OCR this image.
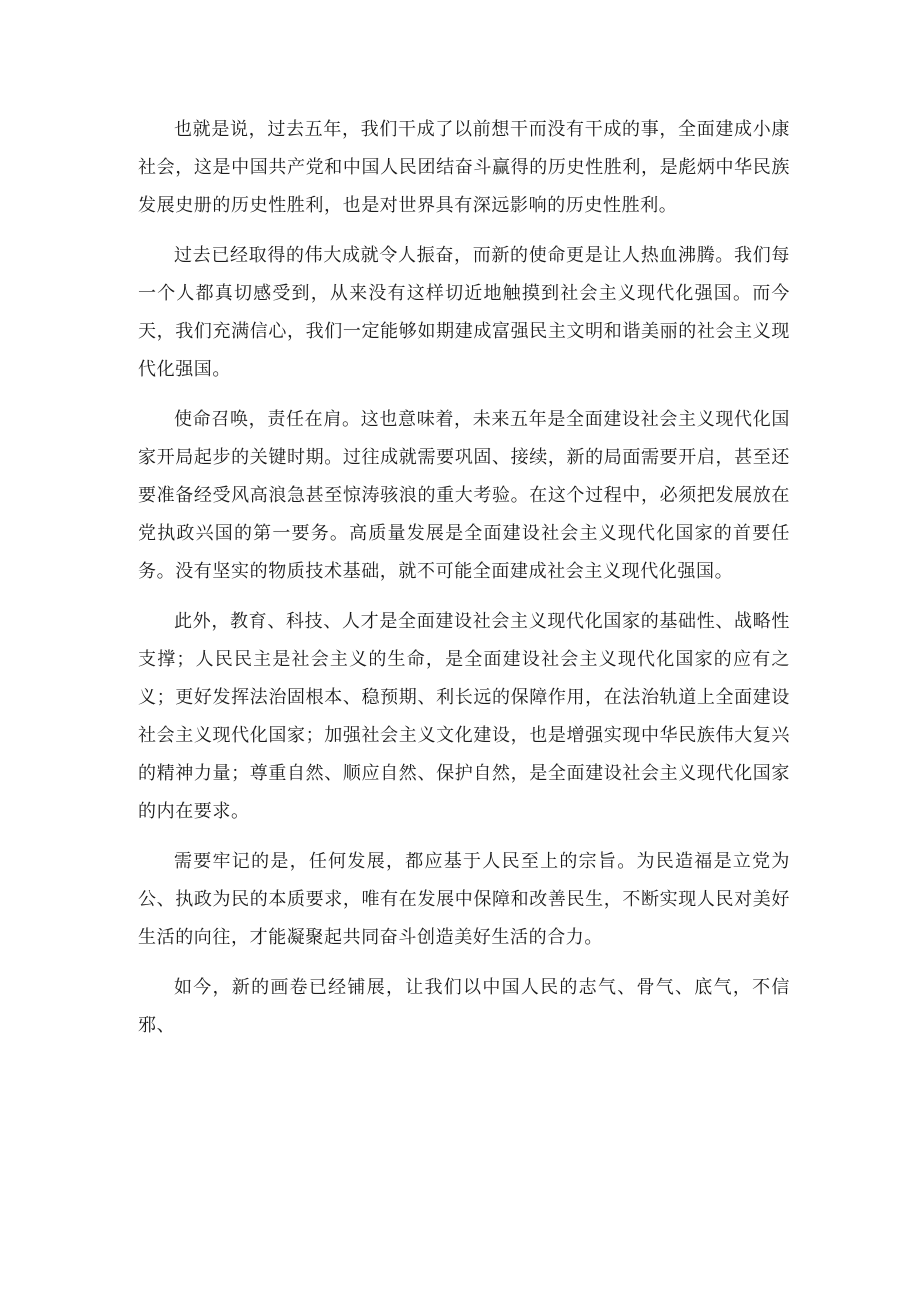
也就是说，过去五年，我们干成了以前想干而没有干成的事，全面建成小康社会，这是中国共产党和中国人民团结奋斗赢得的历史性胜利，是彪炳中华民族发展史册的历史性胜利，也是对世界具有深远影响的历史性胜利。

过去已经取得的伟大成就令人振奋，而新的使命更是让人热血沸腾。我们每一个人都真切感受到，从来没有这样切近地触摸到社会主义现代化强国。而今天，我们充满信心，我们一定能够如期建成富强民主文明和谐美丽的社会主义现代化强国。

使命召唤，责任在肩。这也意味着，未来五年是全面建设社会主义现代化国家开局起步的关键时期。过往成就需要巩固、接续，新的局面需要开启，甚至还要准备经受风高浪急甚至惊涛骇浪的重大考验。在这个过程中，必须把发展放在党执政兴国的第一要务。高质量发展是全面建设社会主义现代化国家的首要任务。没有坚实的物质技术基础，就不可能全面建成社会主义现代化强国。

此外，教育、科技、人才是全面建设社会主义现代化国家的基础性、战略性支撑；人民民主是社会主义的生命，是全面建设社会主义现代化国家的应有之义；更好发挥法治固根本、稳预期、利长远的保障作用，在法治轨道上全面建设社会主义现代化国家；加强社会主义文化建设，也是增强实现中华民族伟大复兴的精神力量；尊重自然、顺应自然、保护自然，是全面建设社会主义现代化国家的内在要求。

需要牢记的是，任何发展，都应基于人民至上的宗旨。为民造福是立党为公、执政为民的本质要求，唯有在发展中保障和改善民生，不断实现人民对美好生活的向往，才能凝聚起共同奋斗创造美好生活的合力。

如今，新的画卷已经铺展，让我们以中国人民的志气、骨气、底气，不信邪、
